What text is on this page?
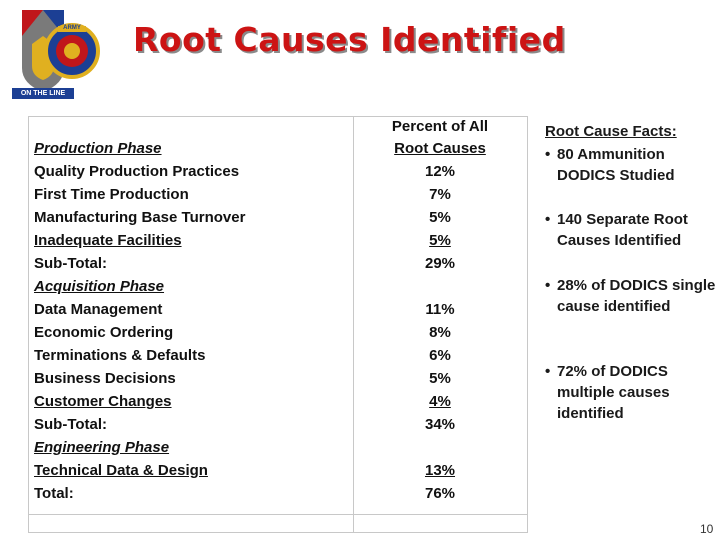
ON THE LINE
ARMY Root Causes Identified
Percent of All
Root Causes
Production Phase
Quality Production Practices	12%
First Time Production	7%
Manufacturing Base Turnover	5%
Inadequate Facilities	5%
Sub-Total:	29%
Acquisition Phase
Data Management	11%
Economic Ordering	8%
Terminations & Defaults	6%
Business Decisions	5%
Customer Changes	4%
Sub-Total:	34%
Engineering Phase
Technical Data & Design	13%
Total:	76%
Root Cause Facts:
• 80 Ammunition DODICS Studied
• 140 Separate Root Causes Identified
• 28% of DODICS single cause identified
• 72% of DODICS multiple causes identified
10
